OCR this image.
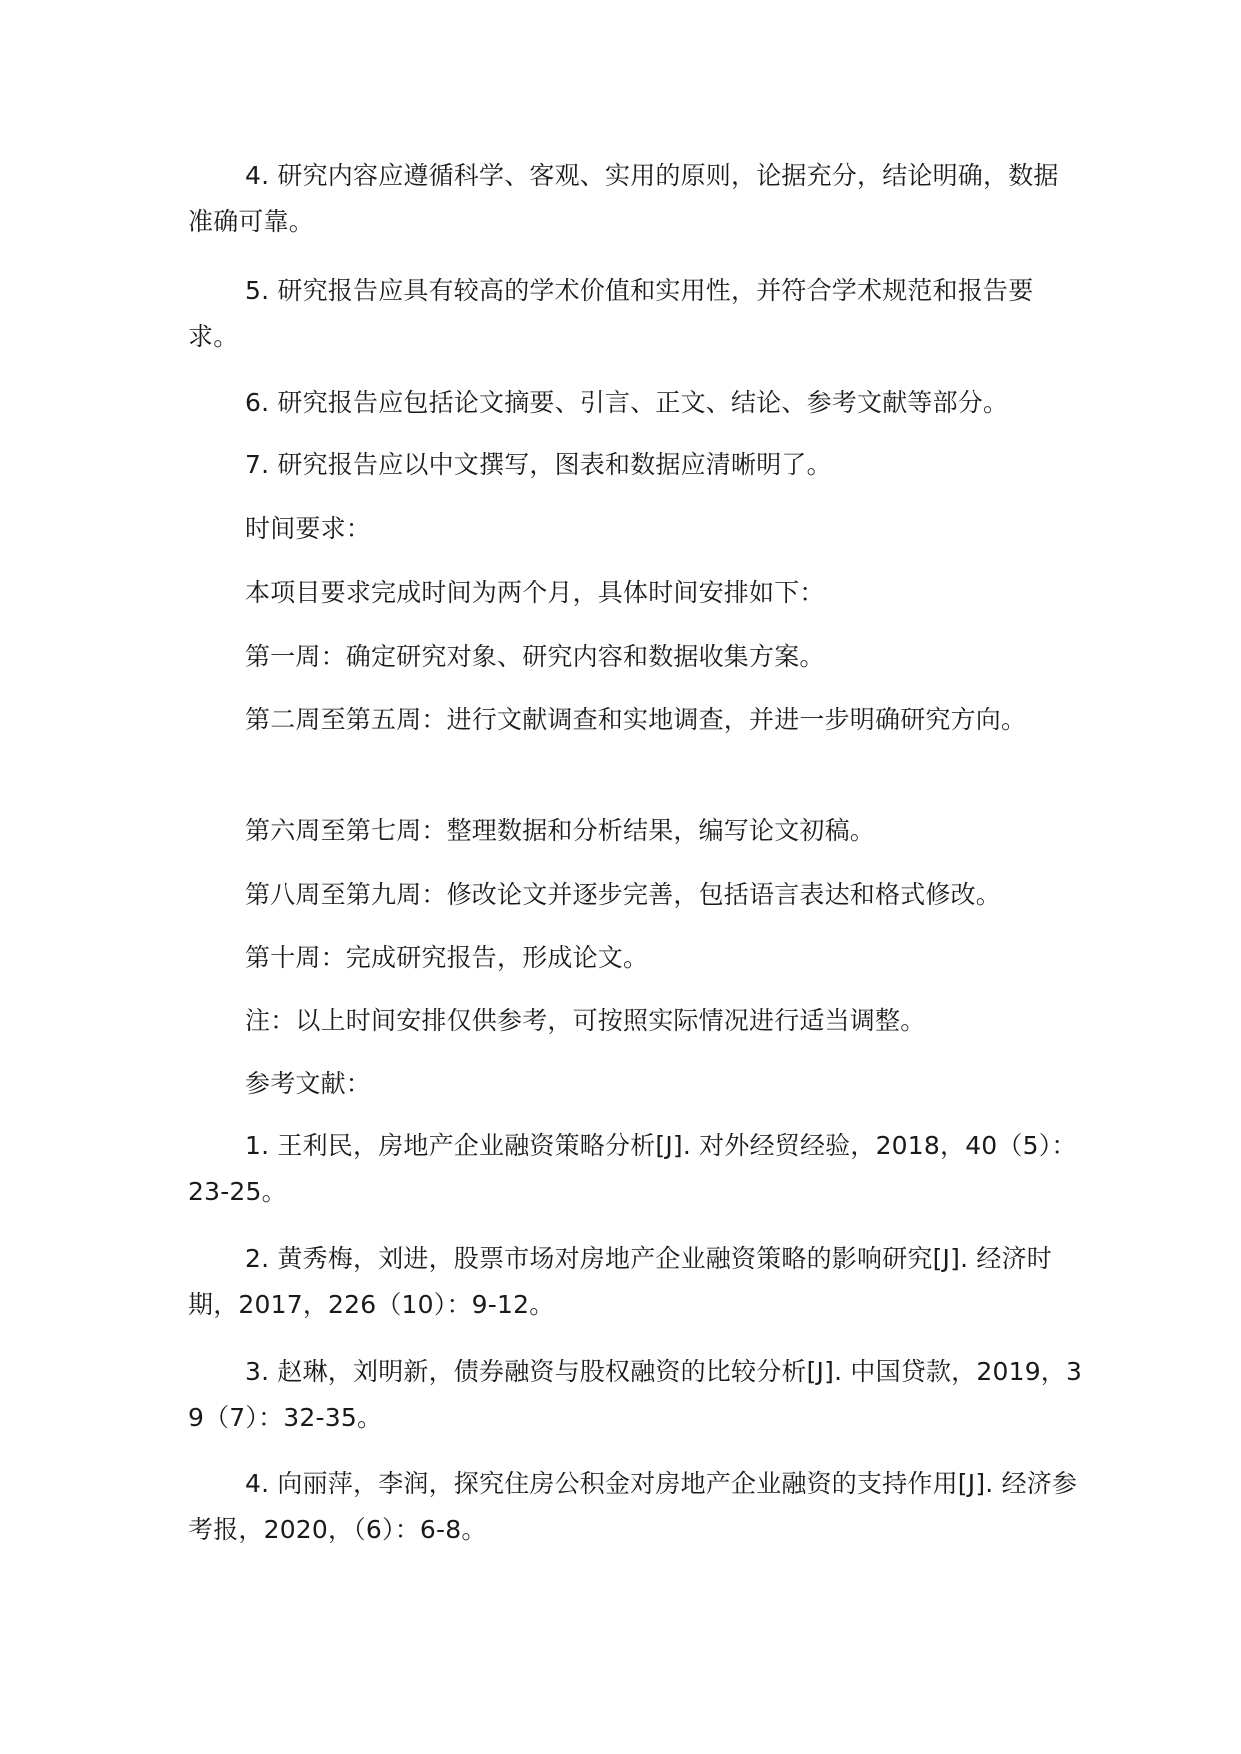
4. 研究内容应遵循科学、客观、实用的原则，论据充分，结论明确，数据准确可靠。

5. 研究报告应具有较高的学术价值和实用性，并符合学术规范和报告要求。

6. 研究报告应包括论文摘要、引言、正文、结论、参考文献等部分。

7. 研究报告应以中文撰写，图表和数据应清晰明了。

时间要求：

本项目要求完成时间为两个月，具体时间安排如下：

第一周：确定研究对象、研究内容和数据收集方案。

第二周至第五周：进行文献调查和实地调查，并进一步明确研究方向。

第六周至第七周：整理数据和分析结果，编写论文初稿。

第八周至第九周：修改论文并逐步完善，包括语言表达和格式修改。

第十周：完成研究报告，形成论文。

注：以上时间安排仅供参考，可按照实际情况进行适当调整。

参考文献：

1. 王利民，房地产企业融资策略分析[J]. 对外经贸经验，2018，40（5）：23-25。

2. 黄秀梅，刘进，股票市场对房地产企业融资策略的影响研究[J]. 经济时期，2017，226（10）：9-12。

3. 赵琳，刘明新，债券融资与股权融资的比较分析[J]. 中国贷款，2019，39（7）：32-35。

4. 向丽萍，李润，探究住房公积金对房地产企业融资的支持作用[J]. 经济参考报，2020，（6）：6-8。
